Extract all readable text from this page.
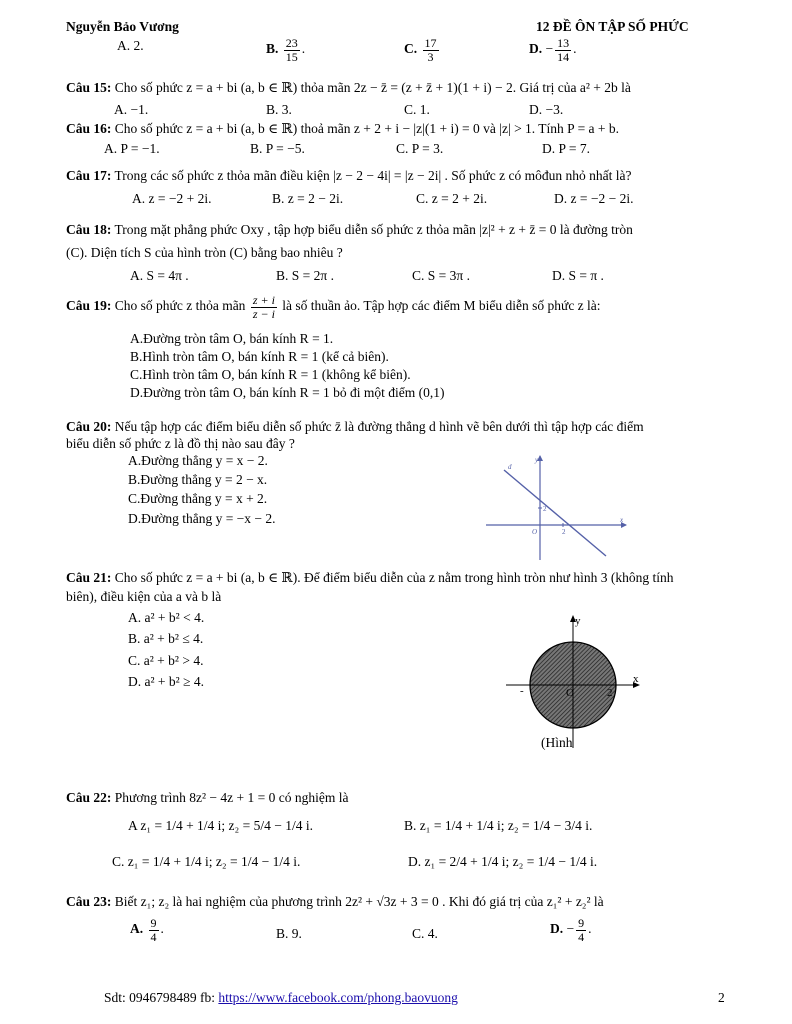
Nguyễn Bảo Vương	12 ĐỀ ÔN TẬP SỐ PHỨC
A. 2.	B. $\frac{23}{15}$ .	C. $\frac{17}{3}$	D. − $\frac{13}{14}$ .
Câu 15: Cho số phức z = a + bi (a, b ∈ ℝ) thỏa mãn 2z − z̄ = (z + z̄ + 1)(1 + i) − 2. Giá trị của a² + 2b là
A. −1.	B. 3.	C. 1.	D. −3.
Câu 16: Cho số phức z = a + bi (a, b ∈ ℝ) thoả mãn z + 2 + i − |z|(1 + i) = 0 và |z| > 1. Tính P = a + b.
A. P = −1.	B. P = −5.	C. P = 3.	D. P = 7.
Câu 17: Trong các số phức z thỏa mãn điều kiện |z − 2 − 4i| = |z − 2i| . Số phức z có môđun nhỏ nhất là?
A. z = −2 + 2i.	B. z = 2 − 2i.	C. z = 2 + 2i.	D. z = −2 − 2i.
Câu 18: Trong mặt phẳng phức Oxy , tập hợp biểu diễn số phức z thỏa mãn |z|² + z + z̄ = 0 là đường tròn
(C). Diện tích S của hình tròn (C) bằng bao nhiêu ?
A. S = 4π .	B. S = 2π .	C. S = 3π .	D. S = π .
Câu 19: Cho số phức z thỏa mãn $\frac{z + i}{z - i}$ là số thuần ảo. Tập hợp các điểm M biểu diễn số phức z là:
A.Đường tròn tâm O, bán kính R = 1.
B.Hình tròn tâm O, bán kính R = 1 (kể cả biên).
C.Hình tròn tâm O, bán kính R = 1 (không kể biên).
D.Đường tròn tâm O, bán kính R = 1 bỏ đi một điểm (0,1)
Câu 20: Nếu tập hợp các điểm biểu diễn số phức z̄ là đường thẳng d hình vẽ bên dưới thì tập hợp các điểm
biểu diễn số phức z là đồ thị nào sau đây ?
A.Đường thẳng y = x − 2.
B.Đường thẳng y = 2 − x.
C.Đường thẳng y = x + 2.
D.Đường thẳng y = −x − 2.
d
y
x
O	2
2
Câu 21: Cho số phức z = a + bi (a, b ∈ ℝ). Để điểm biểu diễn của z nằm trong hình tròn như hình 3 (không tính
biên), điều kiện của a và b là
A. a² + b² < 4.
B. a² + b² ≤ 4.
C. a² + b² > 4.
D. a² + b² ≥ 4.
y
x
O	2
-
(Hình
Câu 22: Phương trình 8z² − 4z + 1 = 0 có nghiệm là
A z₁ = 1/4 + 1/4 i; z₂ = 5/4 − 1/4 i.	B. z₁ = 1/4 + 1/4 i; z₂ = 1/4 − 3/4 i.
C. z₁ = 1/4 + 1/4 i; z₂ = 1/4 − 1/4 i.	D. z₁ = 2/4 + 1/4 i; z₂ = 1/4 − 1/4 i.
Câu 23: Biết z₁; z₂ là hai nghiệm của phương trình 2z² + √3z + 3 = 0 . Khi đó giá trị của z₁² + z₂² là
A. $\frac{9}{4}$ .	B. 9.	C. 4.	D. − $\frac{9}{4}$ .
Sdt: 0946798489 fb: https://www.facebook.com/phong.baovuong	2
